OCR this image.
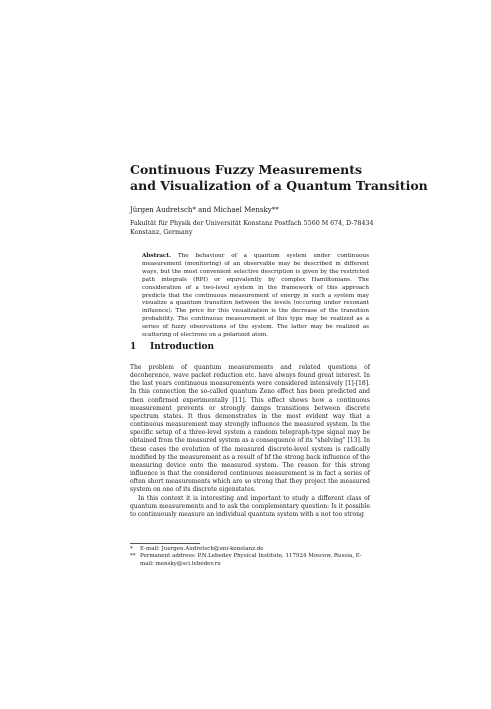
Continuous Fuzzy Measurements
and Visualization of a Quantum Transition
Jürgen Audretsch* and Michael Mensky**
Fakultät für Physik der Universität Konstanz Postfach 5560 M 674, D-78434 Konstanz, Germany
Abstract. The behaviour of a quantum system under continuous measurement (monitoring) of an observable may be described in different ways, but the most convenient selective description is given by the restricted path integrals (RPI) or equivalently by complex Hamiltonians. The consideration of a two-level system in the framework of this approach predicts that the continuous measurement of energy in such a system may visualize a quantum transition between the levels (occuring under resonant influence). The price for this visualization is the decrease of the transition probability. The continuous measurement of this type may be realized as a series of fuzzy observations of the system. The latter may be realized as scattering of electrons on a polarized atom.
1 Introduction

The problem of quantum measurements and related questions of decoherence, wave packet reduction etc. have always found great interest. In the last years continuous measurements were considered intensively [1]-[18]. In this connection the so-called quantum Zeno effect has been predicted and then confirmed experimentally [11]. This effect shows how a continuous measurement prevents or strongly damps transitions between discrete spectrum states. It thus demonstrates in the most evident way that a continuous measurement may strongly influence the measured system. In the specific setup of a three-level system a random telegraph-type signal may be obtained from the measured system as a consequence of its "shelving" [13]. In these cases the evolution of the measured discrete-level system is radically modified by the measurement as a result of bf the strong back influence of the measuring device onto the measured system. The reason for this strong influence is that the considered continuous measurement is in fact a series of often short measurements which are so strong that they project the measured system on one of its discrete eigenstates.

In this context it is interesting and important to study a different class of quantum measurements and to ask the complementary question: Is it possible to continuously measure an individual quantum system with a not too strong

* E-mail: Juergen.Audretsch@uni-konstanz.de
** Permanent address: P.N.Lebedev Physical Institute, 117924 Moscow, Russia, E-mail: mensky@sci.lebedev.ru
